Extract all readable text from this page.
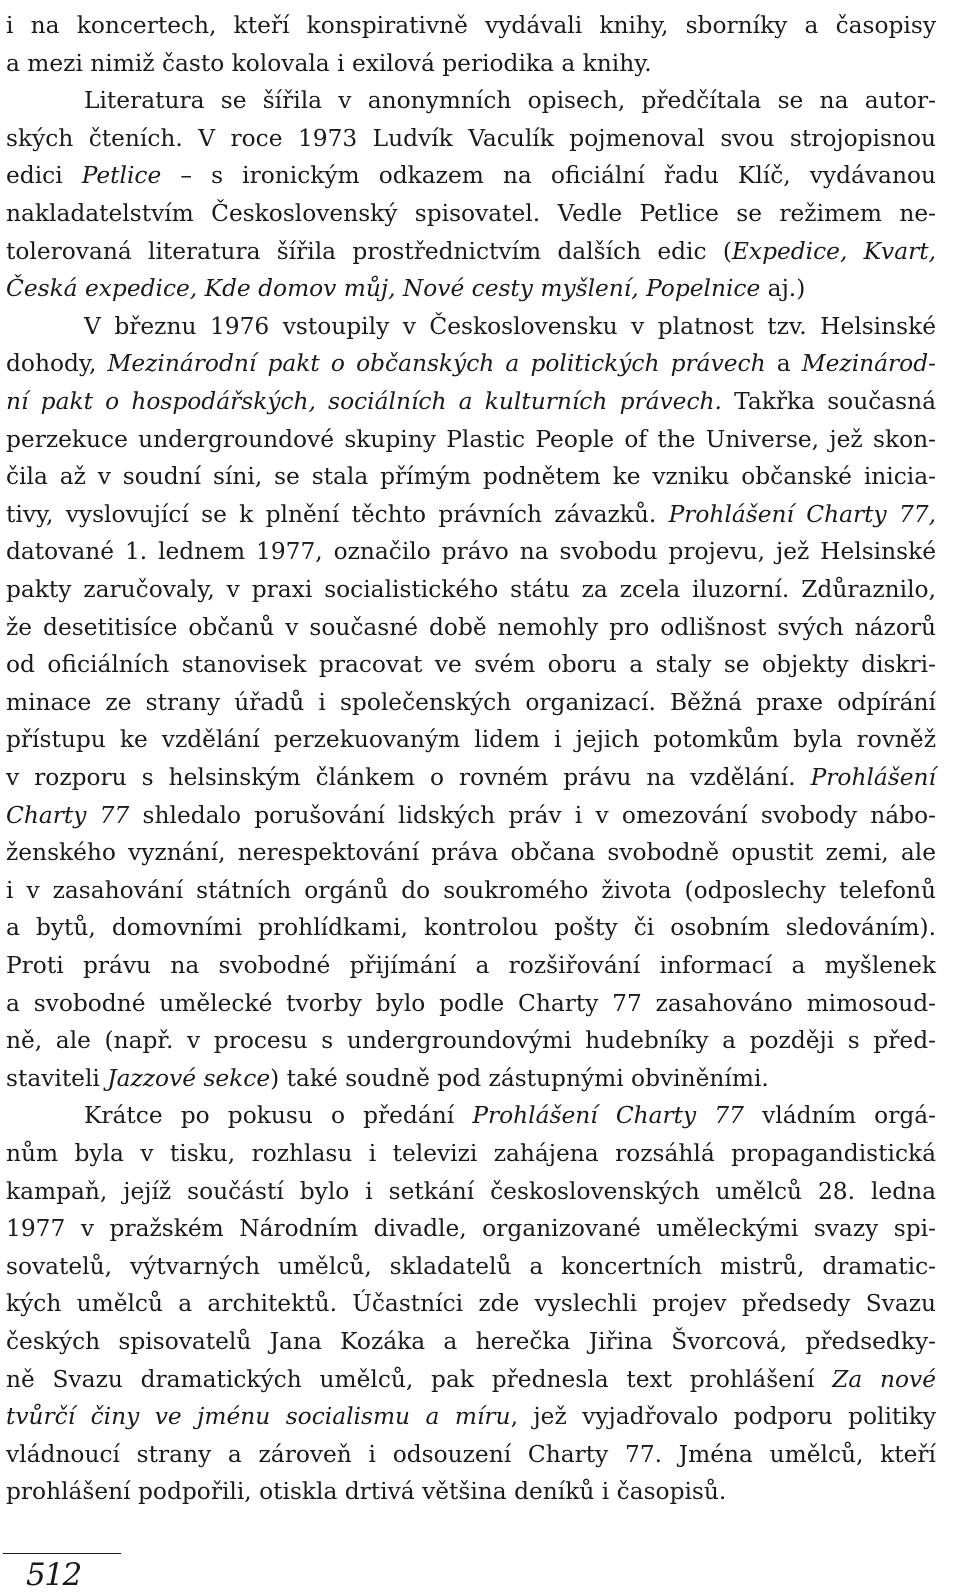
i na koncertech, kteří konspirativně vydávali knihy, sborníky a časopisy
a mezi nimiž často kolovala i exilová periodika a knihy.
Literatura se šířila v anonymních opisech, předčítala se na autor-
ských čteních. V roce 1973 Ludvík Vaculík pojmenoval svou strojopisnou
edici Petlice – s ironickým odkazem na oficiální řadu Klíč, vydávanou
nakladatelstvím Československý spisovatel. Vedle Petlice se režimem ne-
tolerovaná literatura šířila prostřednictvím dalších edic (Expedice, Kvart,
Česká expedice, Kde domov můj, Nové cesty myšlení, Popelnice aj.)
V březnu 1976 vstoupily v Československu v platnost tzv. Helsinské
dohody, Mezinárodní pakt o občanských a politických právech a Mezinárod-
ní pakt o hospodářských, sociálních a kulturních právech. Takřka současná
perzekuce undergroundové skupiny Plastic People of the Universe, jež skon-
čila až v soudní síni, se stala přímým podnětem ke vzniku občanské inicia-
tivy, vyslovující se k plnění těchto právních závazků. Prohlášení Charty 77,
datované 1. lednem 1977, označilo právo na svobodu projevu, jež Helsinské
pakty zaručovaly, v praxi socialistického státu za zcela iluzorní. Zdůraznilo,
že desetitisíce občanů v současné době nemohly pro odlišnost svých názorů
od oficiálních stanovisek pracovat ve svém oboru a staly se objekty diskri-
minace ze strany úřadů i společenských organizací. Běžná praxe odpírání
přístupu ke vzdělání perzekuovaným lidem i jejich potomkům byla rovněž
v rozporu s helsinským článkem o rovném právu na vzdělání. Prohlášení
Charty 77 shledalo porušování lidských práv i v omezování svobody nábo-
ženského vyznání, nerespektování práva občana svobodně opustit zemi, ale
i v zasahování státních orgánů do soukromého života (odposlechy telefonů
a bytů, domovními prohlídkami, kontrolou pošty či osobním sledováním).
Proti právu na svobodné přijímání a rozšiřování informací a myšlenek
a svobodné umělecké tvorby bylo podle Charty 77 zasahováno mimosoud-
ně, ale (např. v procesu s undergroundovými hudebníky a později s před-
staviteli Jazzové sekce) také soudně pod zástupnými obviněními.
Krátce po pokusu o předání Prohlášení Charty 77 vládním orgá-
nům byla v tisku, rozhlasu i televizi zahájena rozsáhlá propagandistická
kampaň, jejíž součástí bylo i setkání československých umělců 28. ledna
1977 v pražském Národním divadle, organizované uměleckými svazy spi-
sovatelů, výtvarných umělců, skladatelů a koncertních mistrů, dramatic-
kých umělců a architektů. Účastníci zde vyslechli projev předsedy Svazu
českých spisovatelů Jana Kozáka a herečka Jiřina Švorcová, předsedky-
ně Svazu dramatických umělců, pak přednesla text prohlášení Za nové
tvůrčí činy ve jménu socialismu a míru, jež vyjadřovalo podporu politiky
vládnoucí strany a zároveň i odsouzení Charty 77. Jména umělců, kteří
prohlášení podpořili, otiskla drtivá většina deníků i časopisů.
512
